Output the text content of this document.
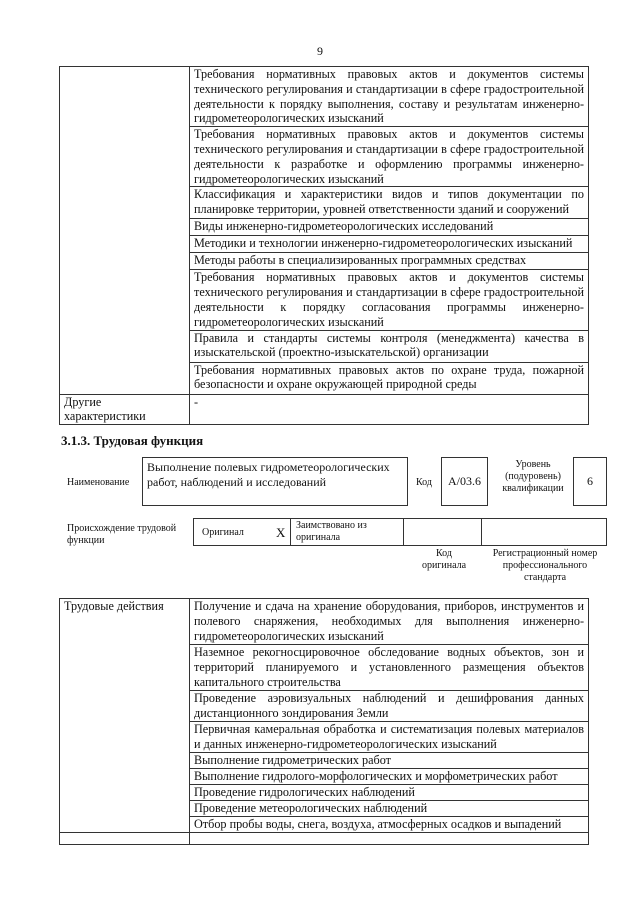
9
	Требования нормативных правовых актов и документов системы технического регулирования и стандартизации в сфере градостроительной деятельности к порядку выполнения, составу и результатам инженерно-гидрометеорологических изысканий
	Требования нормативных правовых актов и документов системы технического регулирования и стандартизации в сфере градостроительной деятельности к разработке и оформлению программы инженерно-гидрометеорологических изысканий
	Классификация и характеристики видов и типов документации по планировке территории, уровней ответственности зданий и сооружений
	Виды инженерно-гидрометеорологических исследований
	Методики и технологии инженерно-гидрометеорологических изысканий
	Методы работы в специализированных программных средствах
	Требования нормативных правовых актов и документов системы технического регулирования и стандартизации в сфере градостроительной деятельности к порядку согласования программы инженерно-гидрометеорологических изысканий
	Правила и стандарты системы контроля (менеджмента) качества в изыскательской (проектно-изыскательской) организации
	Требования нормативных правовых актов по охране труда, пожарной безопасности и охране окружающей природной среды
Другие характеристики	-
3.1.3. Трудовая функция
Наименование
Выполнение полевых гидрометеорологических работ, наблюдений и исследований	Код	A/03.6
Уровень (подуровень) квалификации
6
Происхождение трудовой функции
Оригинал X	Заимствовано из оригинала
Код оригинала
Регистрационный номер профессионального стандарта
Трудовые действия	Получение и сдача на хранение оборудования, приборов, инструментов и полевого снаряжения, необходимых для выполнения инженерно-гидрометеорологических изысканий
	Наземное рекогносцировочное обследование водных объектов, зон и территорий планируемого и установленного размещения объектов капитального строительства
	Проведение аэровизуальных наблюдений и дешифрования данных дистанционного зондирования Земли
	Первичная камеральная обработка и систематизация полевых материалов и данных инженерно-гидрометеорологических изысканий
	Выполнение гидрометрических работ
	Выполнение гидролого-морфологических и морфометрических работ
	Проведение гидрологических наблюдений
	Проведение метеорологических наблюдений
	Отбор пробы воды, снега, воздуха, атмосферных осадков и выпадений
